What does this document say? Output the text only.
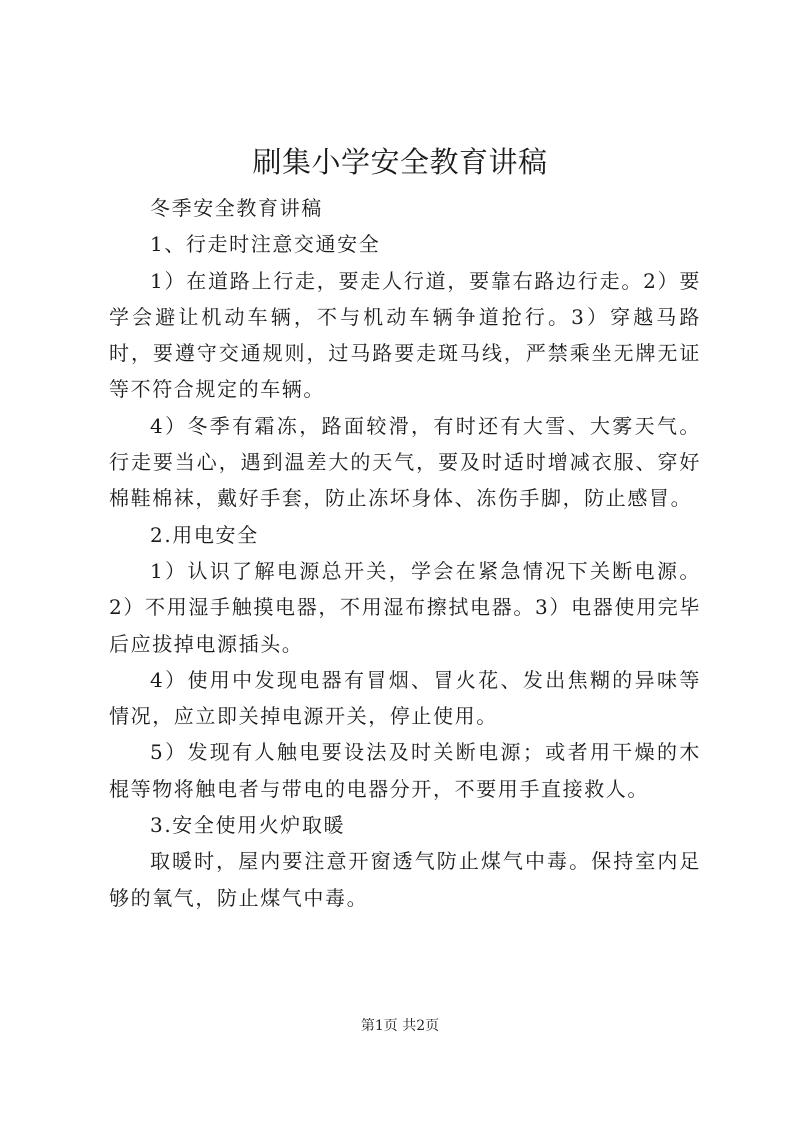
刷集小学安全教育讲稿

冬季安全教育讲稿

1、行走时注意交通安全

1）在道路上行走，要走人行道，要靠右路边行走。2）要学会避让机动车辆，不与机动车辆争道抢行。3）穿越马路时，要遵守交通规则，过马路要走斑马线，严禁乘坐无牌无证等不符合规定的车辆。

4）冬季有霜冻，路面较滑，有时还有大雪、大雾天气。行走要当心，遇到温差大的天气，要及时适时增减衣服、穿好棉鞋棉袜，戴好手套，防止冻坏身体、冻伤手脚，防止感冒。

2.用电安全

1）认识了解电源总开关，学会在紧急情况下关断电源。2）不用湿手触摸电器，不用湿布擦拭电器。3）电器使用完毕后应拔掉电源插头。

4）使用中发现电器有冒烟、冒火花、发出焦糊的异味等情况，应立即关掉电源开关，停止使用。

5）发现有人触电要设法及时关断电源；或者用干燥的木棍等物将触电者与带电的电器分开，不要用手直接救人。

3.安全使用火炉取暖

取暖时，屋内要注意开窗透气防止煤气中毒。保持室内足够的氧气，防止煤气中毒。

第1页 共2页
